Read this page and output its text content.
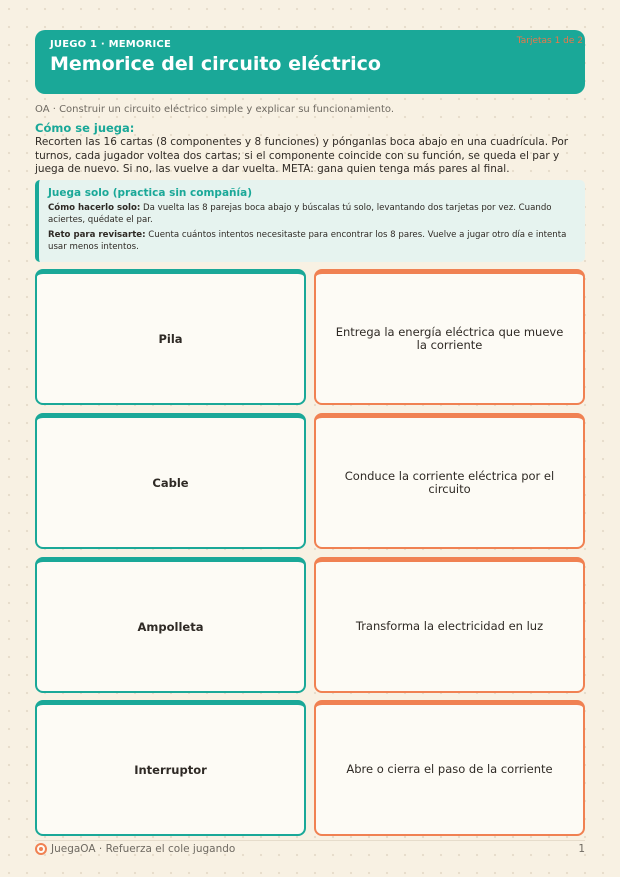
JUEGO 1 · MEMORICE
Memorice del circuito eléctrico
Tarjetas 1 de 2
OA · Construir un circuito eléctrico simple y explicar su funcionamiento.
Cómo se juega:
Recorten las 16 cartas (8 componentes y 8 funciones) y pónganlas boca abajo en una cuadrícula. Por turnos, cada jugador voltea dos cartas; si el componente coincide con su función, se queda el par y juega de nuevo. Si no, las vuelve a dar vuelta. META: gana quien tenga más pares al final.
Juega solo (practica sin compañía)

Cómo hacerlo solo: Da vuelta las 8 parejas boca abajo y búscalas tú solo, levantando dos tarjetas por vez. Cuando aciertes, quédate el par.

Reto para revisarte: Cuenta cuántos intentos necesitaste para encontrar los 8 pares. Vuelve a jugar otro día e intenta usar menos intentos.

Pila	Entrega la energía eléctrica que mueve la corriente
Cable	Conduce la corriente eléctrica por el circuito
Ampolleta	Transforma la electricidad en luz
Interruptor	Abre o cierra el paso de la corriente
JuegaOA · Refuerza el cole jugando	1
